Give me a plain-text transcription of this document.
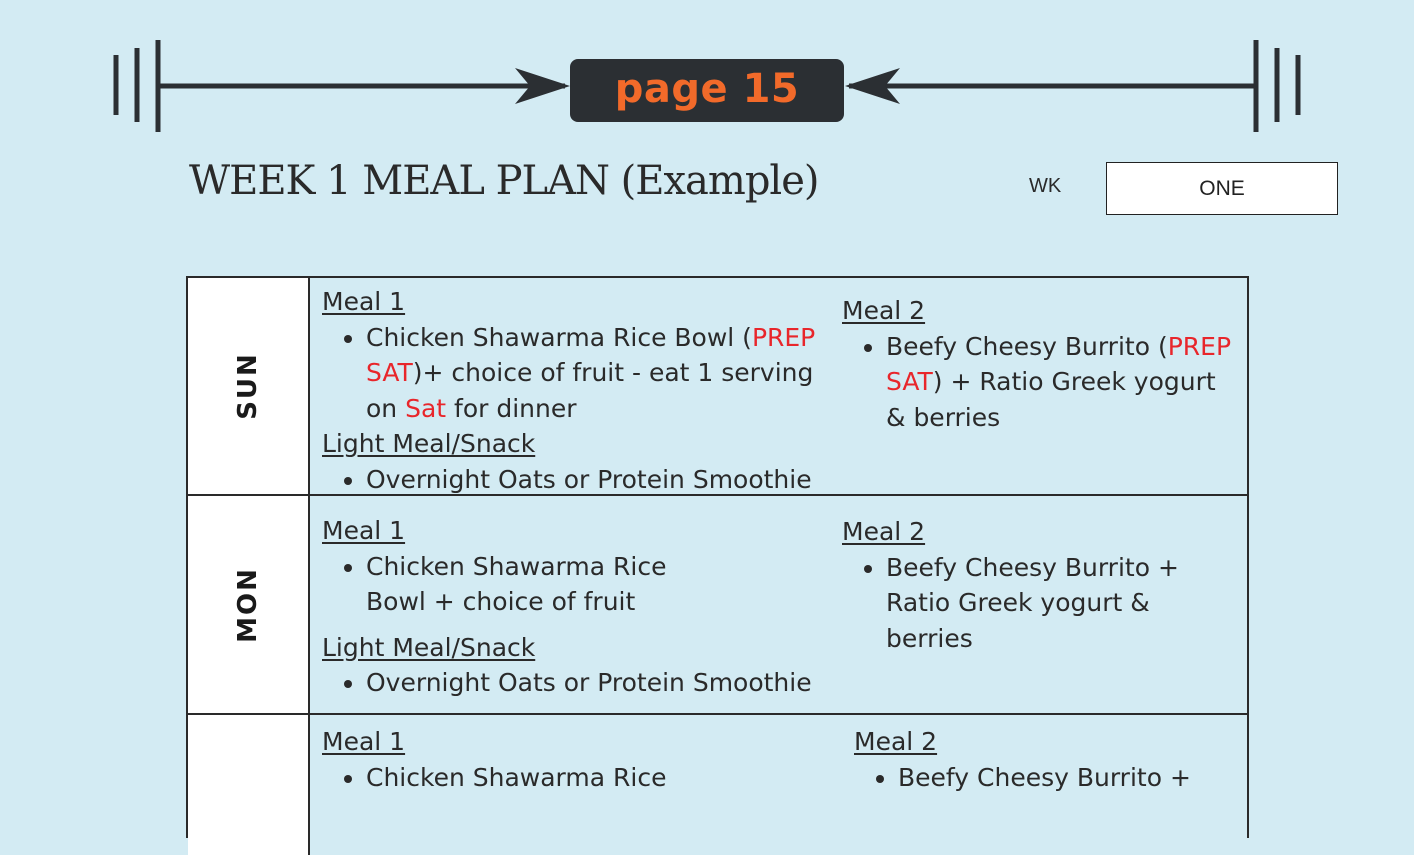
page 15
WEEK 1 MEAL PLAN (Example)	WK	ONE
SUN
Meal 1
• Chicken Shawarma Rice Bowl (PREP SAT)+ choice of fruit - eat 1 serving on Sat for dinner
Light Meal/Snack
• Overnight Oats or Protein Smoothie
Meal 2
• Beefy Cheesy Burrito (PREP SAT) + Ratio Greek yogurt & berries
MON
Meal 1
• Chicken Shawarma Rice Bowl + choice of fruit
Light Meal/Snack
• Overnight Oats or Protein Smoothie
Meal 2
• Beefy Cheesy Burrito + Ratio Greek yogurt & berries
Meal 1
• Chicken Shawarma Rice
Meal 2
• Beefy Cheesy Burrito +
